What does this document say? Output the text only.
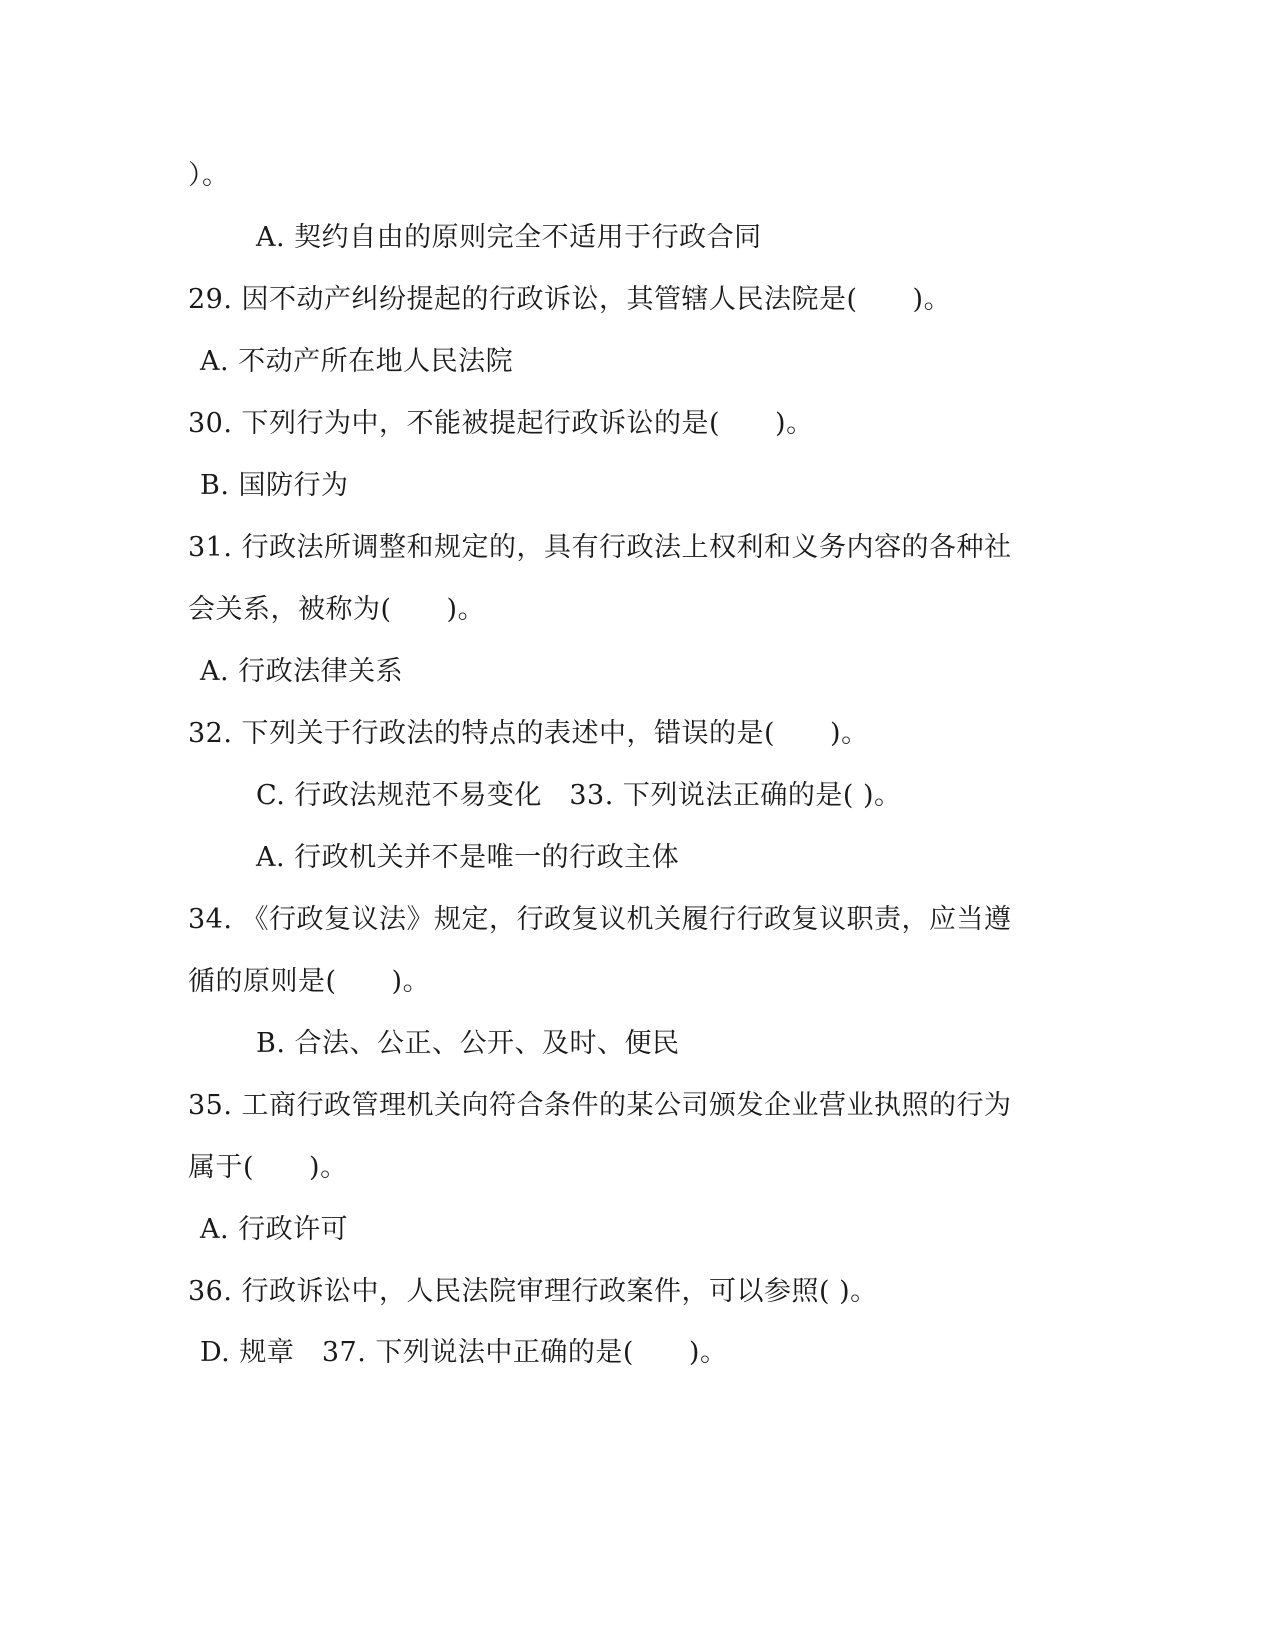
）。
A. 契约自由的原则完全不适用于行政合同
29. 因不动产纠纷提起的行政诉讼，其管辖人民法院是(　　)。
A. 不动产所在地人民法院
30. 下列行为中，不能被提起行政诉讼的是(　　)。
B. 国防行为
31. 行政法所调整和规定的，具有行政法上权利和义务内容的各种社
会关系，被称为(　　)。
A. 行政法律关系
32. 下列关于行政法的特点的表述中，错误的是(　　)。
C. 行政法规范不易变化　33. 下列说法正确的是( )。
A. 行政机关并不是唯一的行政主体
34. 《行政复议法》规定，行政复议机关履行行政复议职责，应当遵
循的原则是(　　)。
B. 合法、公正、公开、及时、便民
35. 工商行政管理机关向符合条件的某公司颁发企业营业执照的行为
属于(　　)。
A. 行政许可
36. 行政诉讼中，人民法院审理行政案件，可以参照( )。
D. 规章　37. 下列说法中正确的是(　　)。
